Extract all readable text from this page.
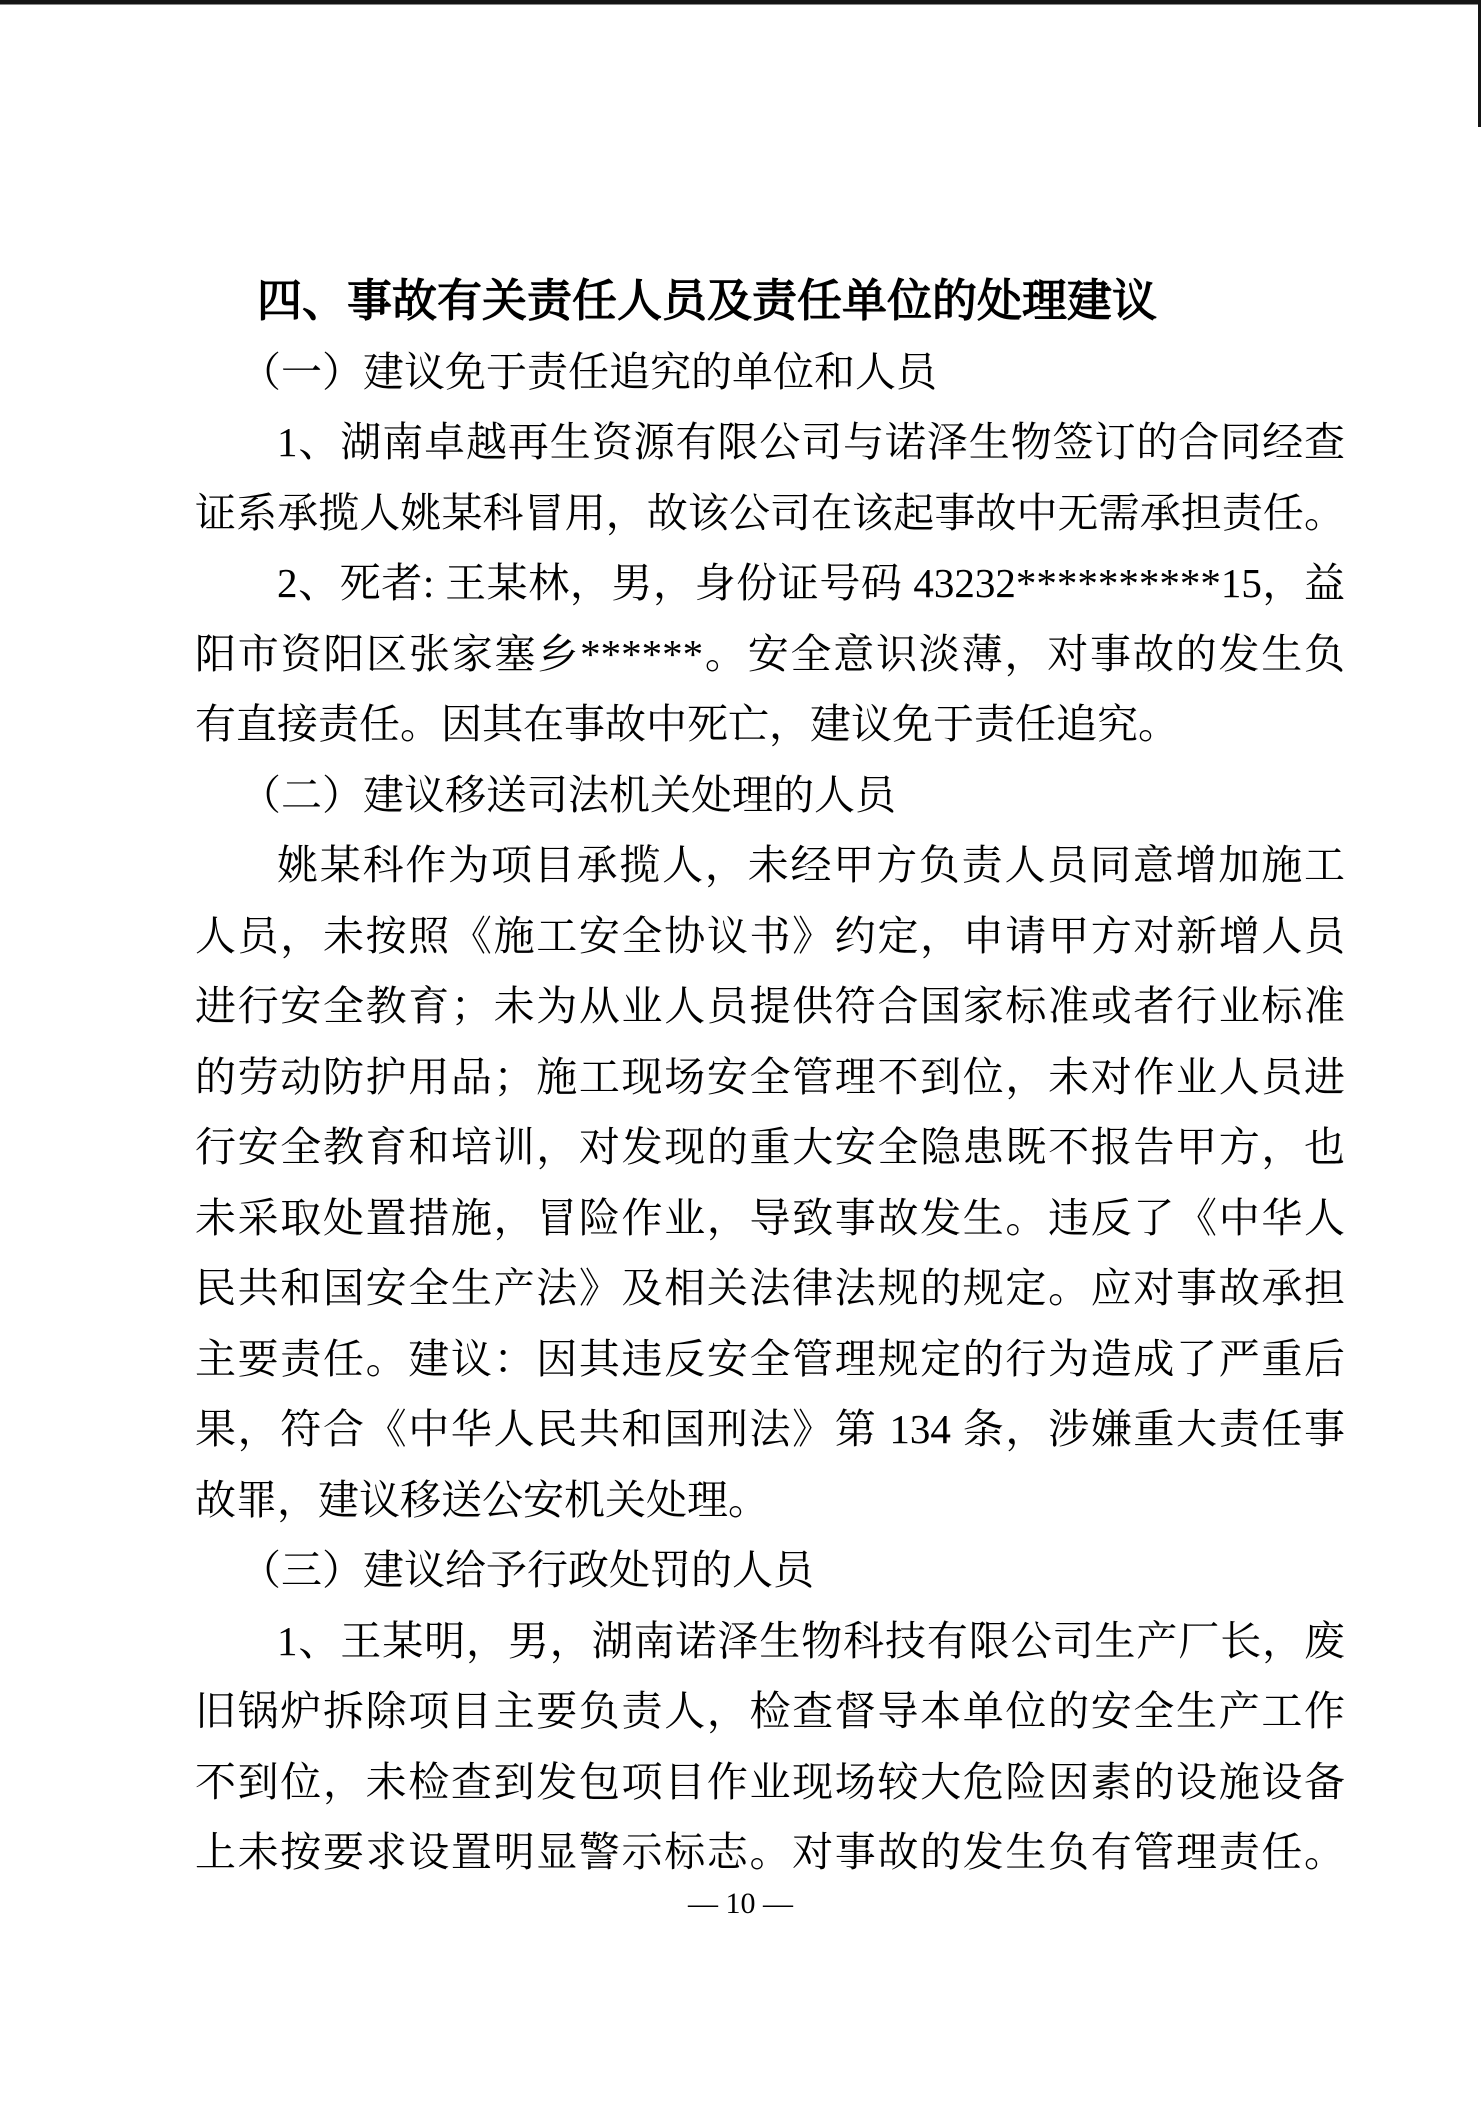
四、事故有关责任人员及责任单位的处理建议
（一）建议免于责任追究的单位和人员
1、湖南卓越再生资源有限公司与诺泽生物签订的合同经查
证系承揽人姚某科冒用，故该公司在该起事故中无需承担责任。
2、死者: 王某林，男，身份证号码 43232**********15，益
阳市资阳区张家塞乡******。安全意识淡薄，对事故的发生负
有直接责任。因其在事故中死亡，建议免于责任追究。
（二）建议移送司法机关处理的人员
姚某科作为项目承揽人，未经甲方负责人员同意增加施工
人员，未按照《施工安全协议书》约定，申请甲方对新增人员
进行安全教育；未为从业人员提供符合国家标准或者行业标准
的劳动防护用品；施工现场安全管理不到位，未对作业人员进
行安全教育和培训，对发现的重大安全隐患既不报告甲方，也
未采取处置措施，冒险作业，导致事故发生。违反了《中华人
民共和国安全生产法》及相关法律法规的规定。应对事故承担
主要责任。建议：因其违反安全管理规定的行为造成了严重后
果，符合《中华人民共和国刑法》第 134 条，涉嫌重大责任事
故罪，建议移送公安机关处理。
（三）建议给予行政处罚的人员
1、王某明，男，湖南诺泽生物科技有限公司生产厂长，废
旧锅炉拆除项目主要负责人，检查督导本单位的安全生产工作
不到位，未检查到发包项目作业现场较大危险因素的设施设备
上未按要求设置明显警示标志。对事故的发生负有管理责任。
— 10 —
